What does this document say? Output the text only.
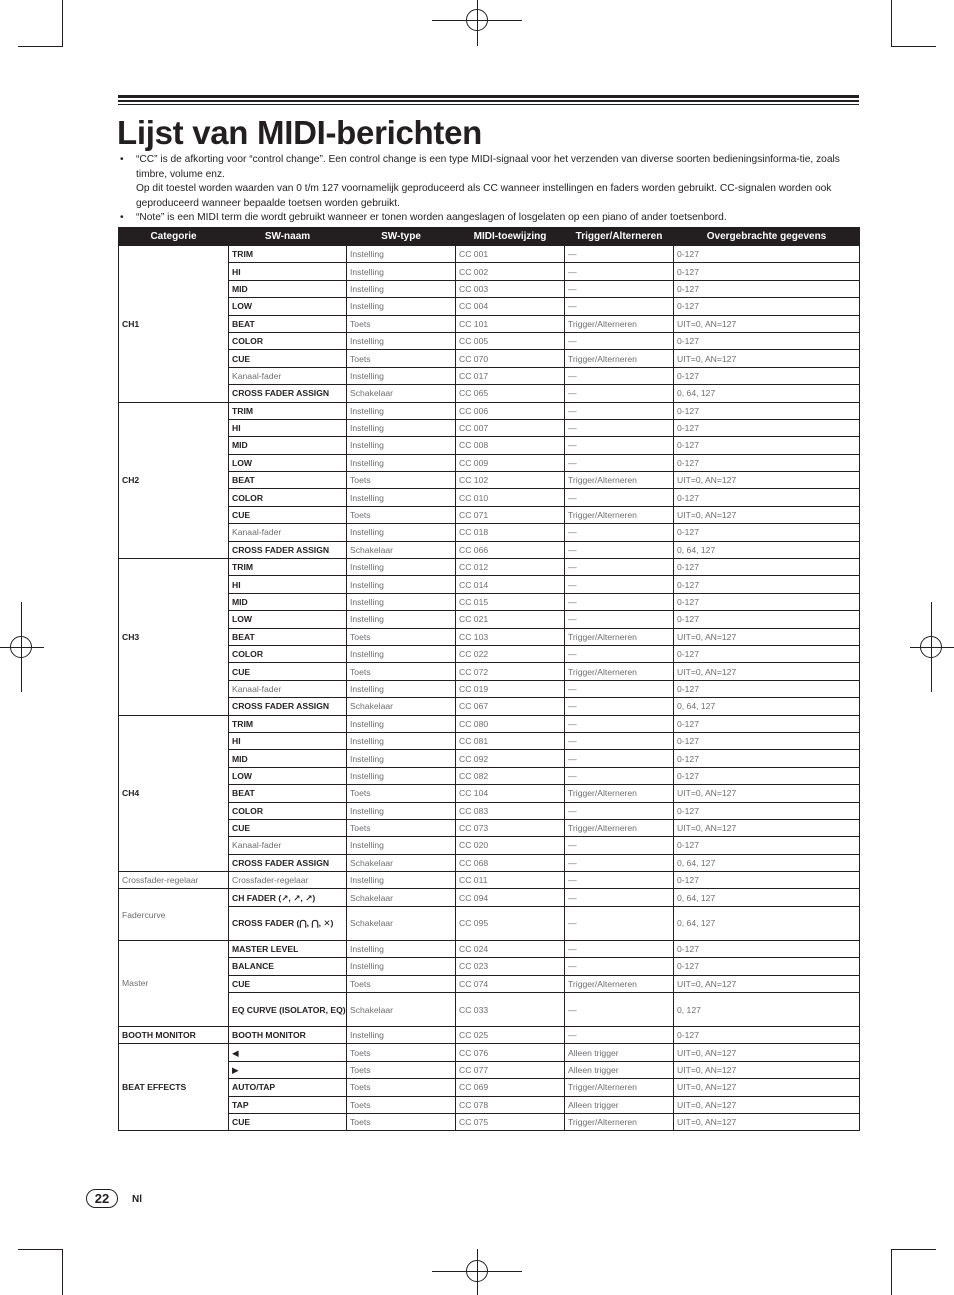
Lijst van MIDI-berichten
• “CC” is de afkorting voor “control change”. Een control change is een type MIDI-signaal voor het verzenden van diverse soorten bedieningsinforma-tie, zoals timbre, volume enz.

Op dit toestel worden waarden van 0 t/m 127 voornamelijk geproduceerd als CC wanneer instellingen en faders worden gebruikt. CC-signalen worden ook geproduceerd wanneer bepaalde toetsen worden gebruikt.

• “Note” is een MIDI term die wordt gebruikt wanneer er tonen worden aangeslagen of losgelaten op een piano of ander toetsenbord.

Categorie	SW-naam	SW-type	MIDI-toewijzing	Trigger/Alterneren	Overgebrachte gegevens
CH1	TRIM	Instelling	CC 001	—	0-127
	HI	Instelling	CC 002	—	0-127
	MID	Instelling	CC 003	—	0-127
	LOW	Instelling	CC 004	—	0-127
	BEAT	Toets	CC 101	Trigger/Alterneren	UIT=0, AN=127
	COLOR	Instelling	CC 005	—	0-127
	CUE	Toets	CC 070	Trigger/Alterneren	UIT=0, AN=127
	Kanaal-fader	Instelling	CC 017	—	0-127
	CROSS FADER ASSIGN	Schakelaar	CC 065	—	0, 64, 127
CH2	TRIM	Instelling	CC 006	—	0-127
	HI	Instelling	CC 007	—	0-127
	MID	Instelling	CC 008	—	0-127
	LOW	Instelling	CC 009	—	0-127
	BEAT	Toets	CC 102	Trigger/Alterneren	UIT=0, AN=127
	COLOR	Instelling	CC 010	—	0-127
	CUE	Toets	CC 071	Trigger/Alterneren	UIT=0, AN=127
	Kanaal-fader	Instelling	CC 018	—	0-127
	CROSS FADER ASSIGN	Schakelaar	CC 066	—	0, 64, 127
CH3	TRIM	Instelling	CC 012	—	0-127
	HI	Instelling	CC 014	—	0-127
	MID	Instelling	CC 015	—	0-127
	LOW	Instelling	CC 021	—	0-127
	BEAT	Toets	CC 103	Trigger/Alterneren	UIT=0, AN=127
	COLOR	Instelling	CC 022	—	0-127
	CUE	Toets	CC 072	Trigger/Alterneren	UIT=0, AN=127
	Kanaal-fader	Instelling	CC 019	—	0-127
	CROSS FADER ASSIGN	Schakelaar	CC 067	—	0, 64, 127
CH4	TRIM	Instelling	CC 080	—	0-127
	HI	Instelling	CC 081	—	0-127
	MID	Instelling	CC 092	—	0-127
	LOW	Instelling	CC 082	—	0-127
	BEAT	Toets	CC 104	Trigger/Alterneren	UIT=0, AN=127
	COLOR	Instelling	CC 083	—	0-127
	CUE	Toets	CC 073	Trigger/Alterneren	UIT=0, AN=127
	Kanaal-fader	Instelling	CC 020	—	0-127
	CROSS FADER ASSIGN	Schakelaar	CC 068	—	0, 64, 127
Crossfader-regelaar	Crossfader-regelaar	Instelling	CC 011	—	0-127
Fadercurve	CH FADER (↗, ↗, ↗)	Schakelaar	CC 094	—	0, 64, 127
	CROSS FADER (⋂, ⋂, ✕)	Schakelaar	CC 095	—	0, 64, 127
Master	MASTER LEVEL	Instelling	CC 024	—	0-127
	BALANCE	Instelling	CC 023	—	0-127
	CUE	Toets	CC 074	Trigger/Alterneren	UIT=0, AN=127
	EQ CURVE (ISOLATOR, EQ)	Schakelaar	CC 033	—	0, 127
BOOTH MONITOR	BOOTH MONITOR	Instelling	CC 025	—	0-127
BEAT EFFECTS	◀	Toets	CC 076	Alleen trigger	UIT=0, AN=127
	▶	Toets	CC 077	Alleen trigger	UIT=0, AN=127
	AUTO/TAP	Toets	CC 069	Trigger/Alterneren	UIT=0, AN=127
	TAP	Toets	CC 078	Alleen trigger	UIT=0, AN=127
	CUE	Toets	CC 075	Trigger/Alterneren	UIT=0, AN=127
22	Nl
